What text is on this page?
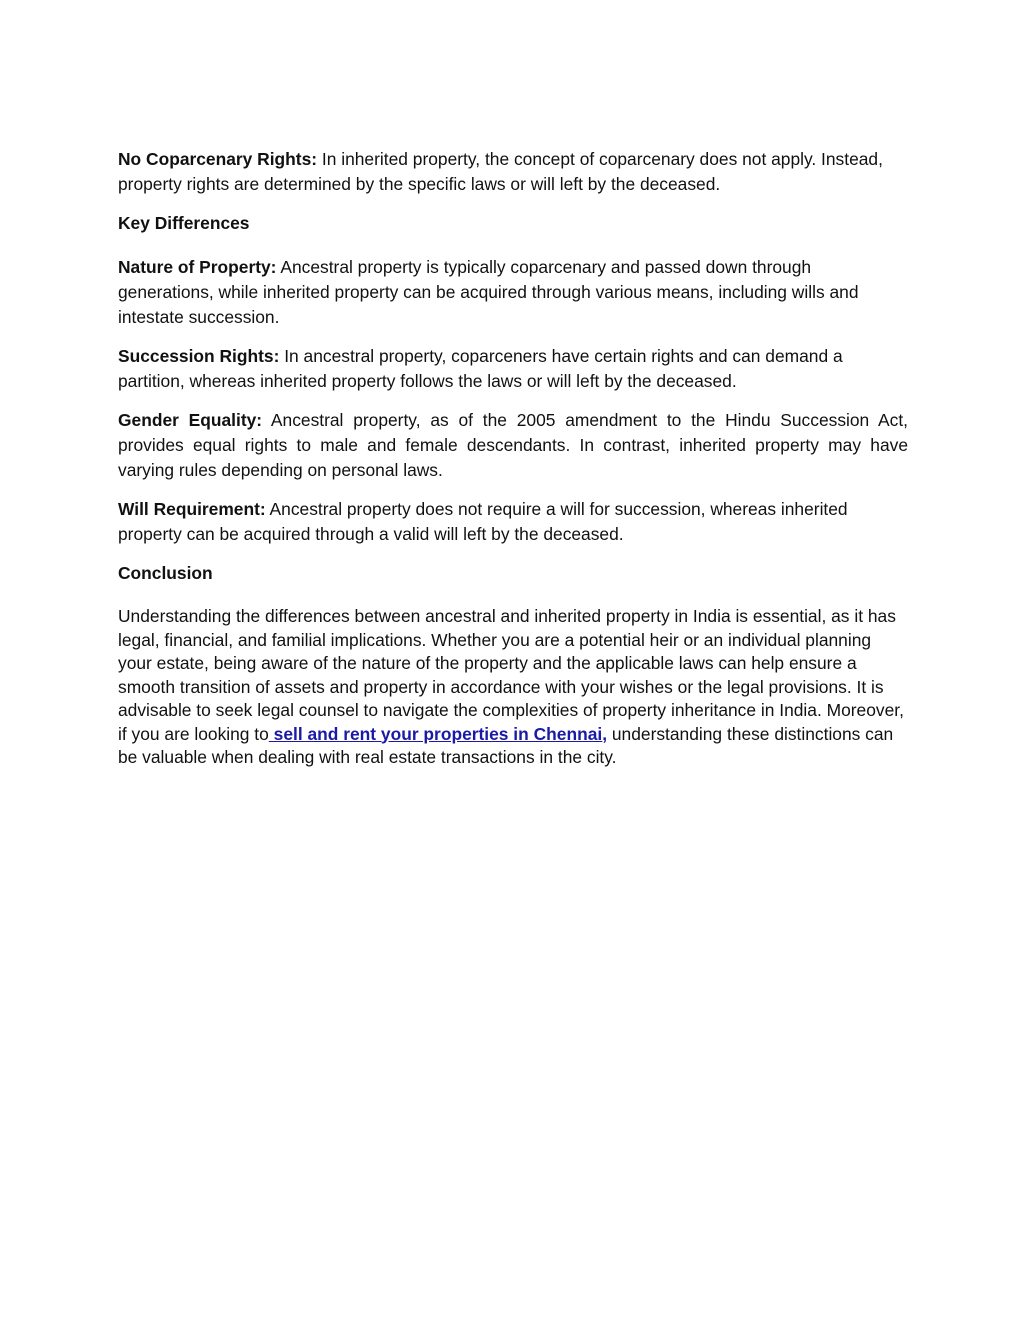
No Coparcenary Rights: In inherited property, the concept of coparcenary does not apply. Instead, property rights are determined by the specific laws or will left by the deceased.

Key Differences

Nature of Property: Ancestral property is typically coparcenary and passed down through generations, while inherited property can be acquired through various means, including wills and intestate succession.

Succession Rights: In ancestral property, coparceners have certain rights and can demand a partition, whereas inherited property follows the laws or will left by the deceased.

Gender Equality: Ancestral property, as of the 2005 amendment to the Hindu Succession Act, provides equal rights to male and female descendants. In contrast, inherited property may have varying rules depending on personal laws.

Will Requirement: Ancestral property does not require a will for succession, whereas inherited property can be acquired through a valid will left by the deceased.

Conclusion

Understanding the differences between ancestral and inherited property in India is essential, as it has legal, financial, and familial implications. Whether you are a potential heir or an individual planning your estate, being aware of the nature of the property and the applicable laws can help ensure a smooth transition of assets and property in accordance with your wishes or the legal provisions. It is advisable to seek legal counsel to navigate the complexities of property inheritance in India. Moreover, if you are looking to sell and rent your properties in Chennai, understanding these distinctions can be valuable when dealing with real estate transactions in the city.
